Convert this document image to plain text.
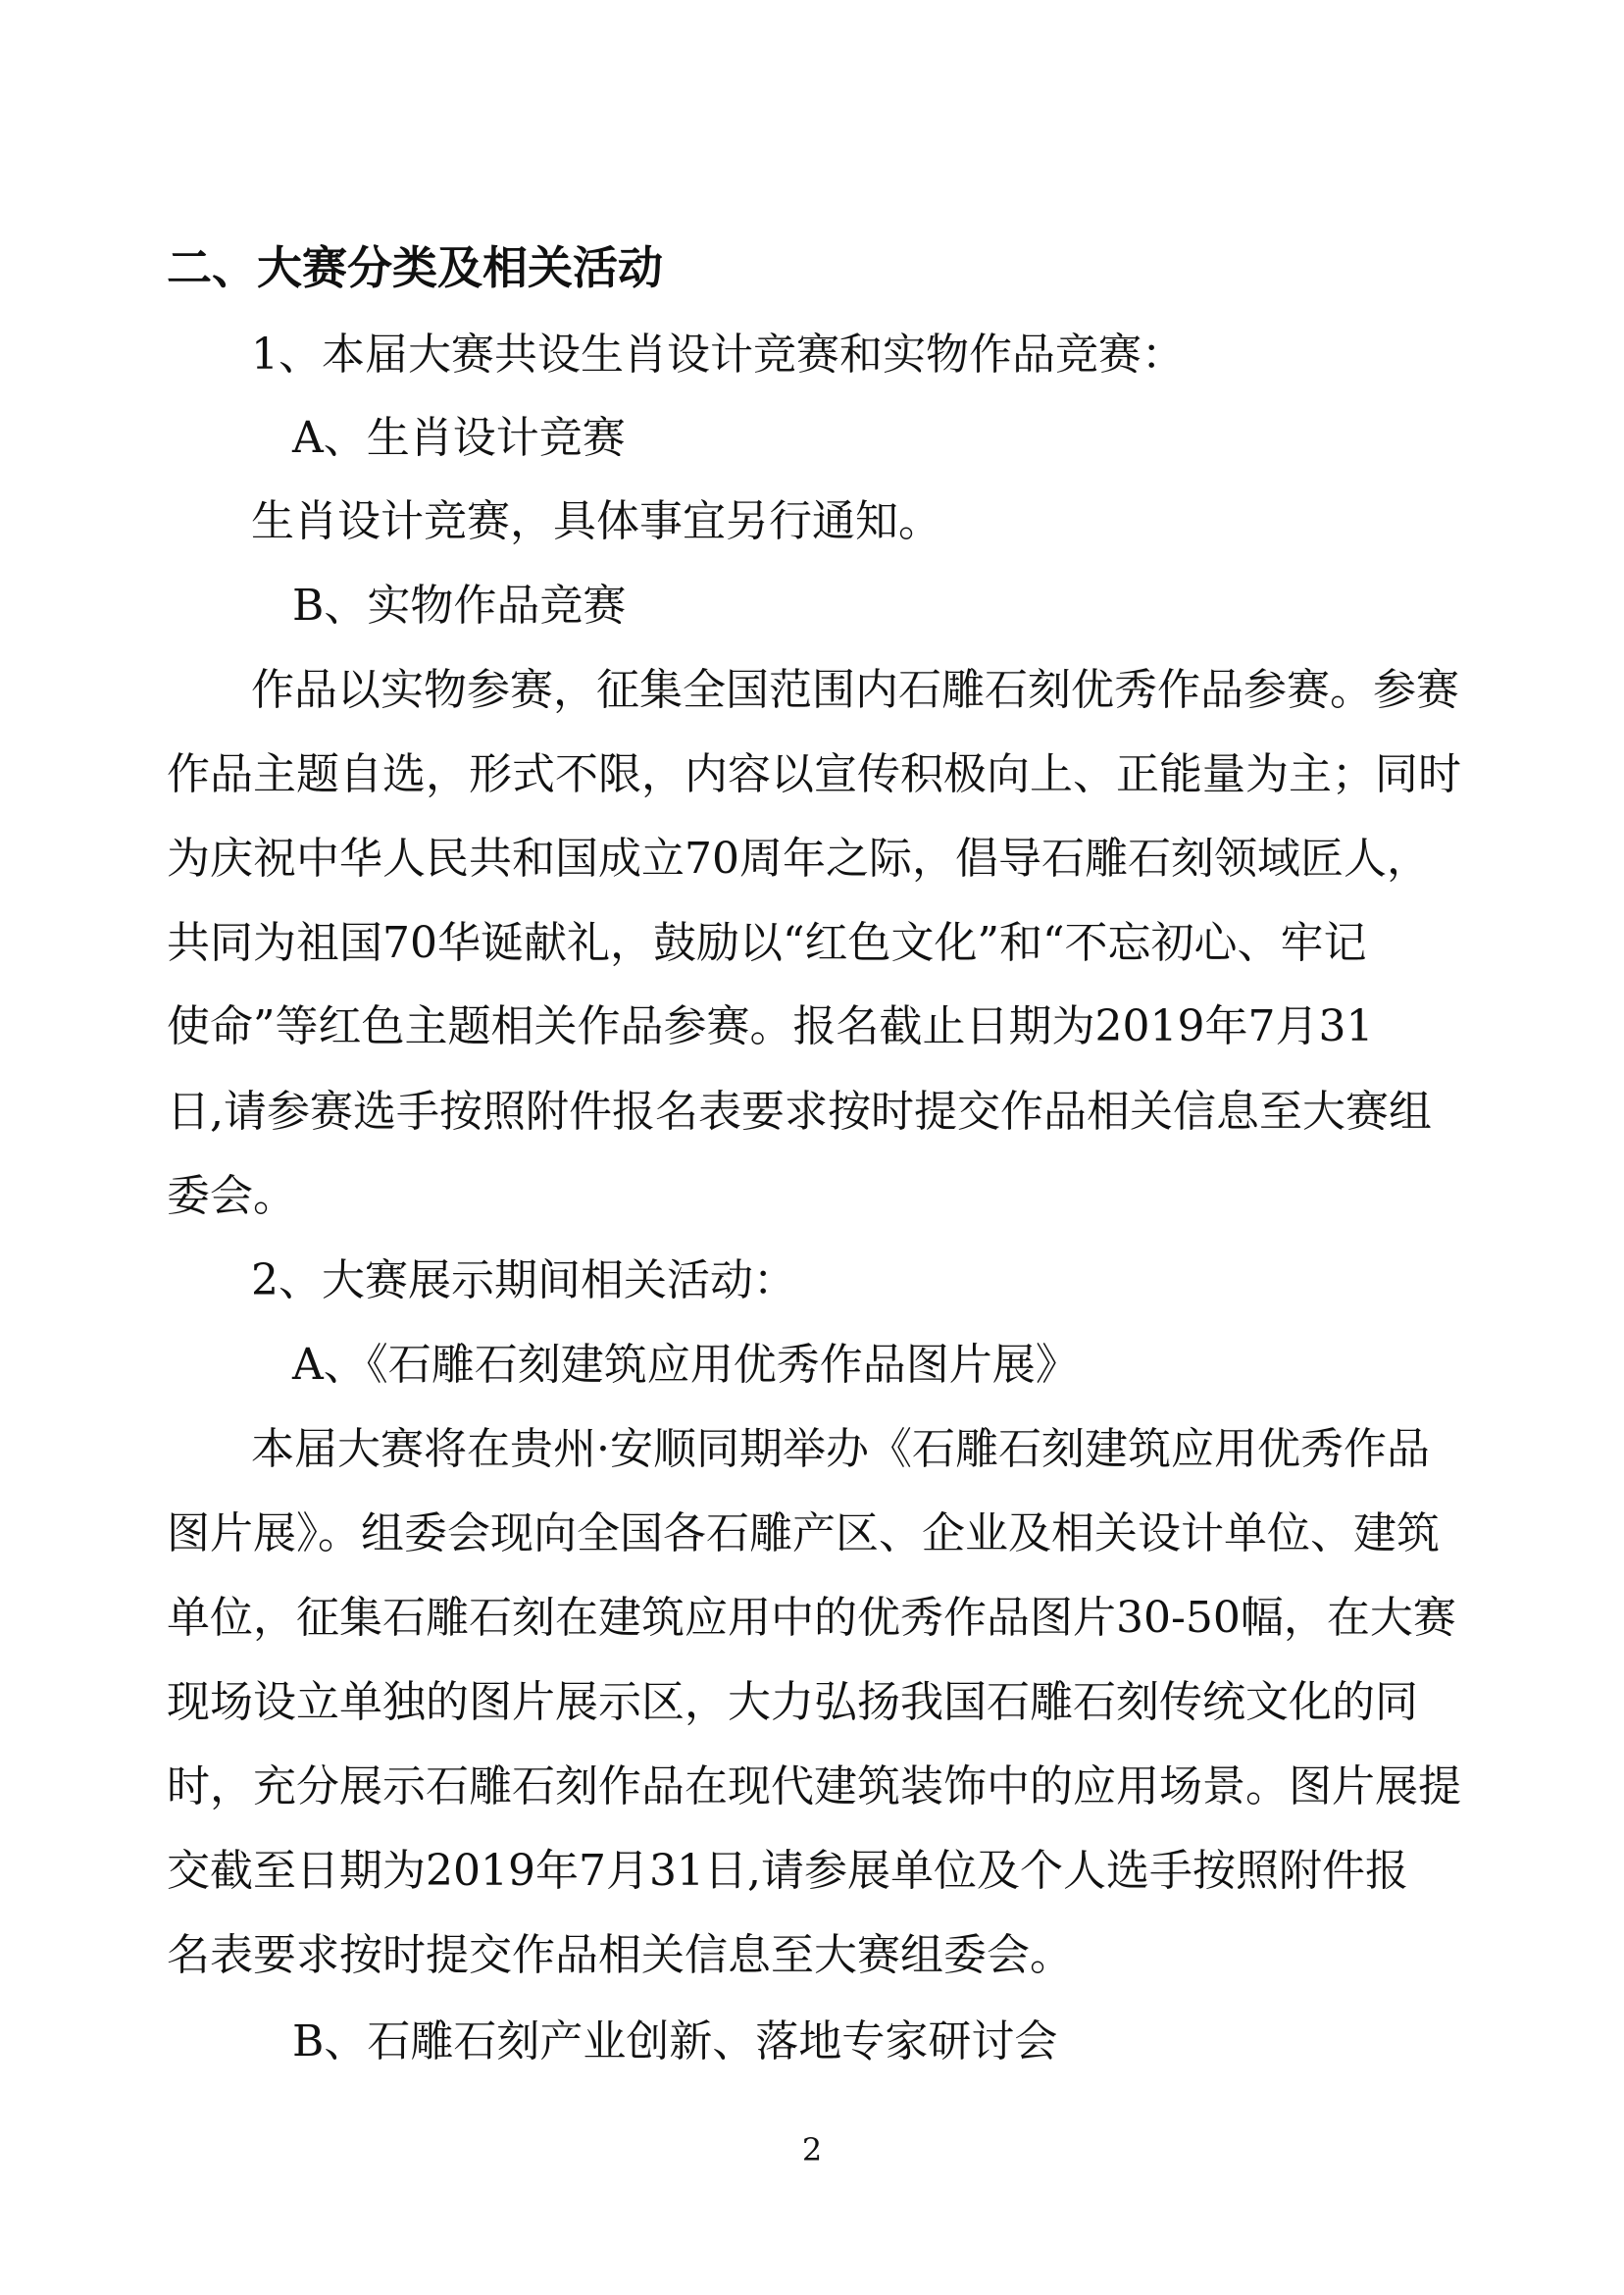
二、大赛分类及相关活动
1、本届大赛共设生肖设计竞赛和实物作品竞赛：
A、生肖设计竞赛
生肖设计竞赛，具体事宜另行通知。
B、实物作品竞赛
作品以实物参赛，征集全国范围内石雕石刻优秀作品参赛。参赛
作品主题自选，形式不限，内容以宣传积极向上、正能量为主；同时
为庆祝中华人民共和国成立70周年之际，倡导石雕石刻领域匠人，
共同为祖国70华诞献礼，鼓励以“红色文化”和“不忘初心、牢记
使命”等红色主题相关作品参赛。报名截止日期为2019年7月31
日,请参赛选手按照附件报名表要求按时提交作品相关信息至大赛组
委会。
2、大赛展示期间相关活动：
A、《石雕石刻建筑应用优秀作品图片展》
本届大赛将在贵州·安顺同期举办《石雕石刻建筑应用优秀作品
图片展》。组委会现向全国各石雕产区、企业及相关设计单位、建筑
单位，征集石雕石刻在建筑应用中的优秀作品图片30-50幅，在大赛
现场设立单独的图片展示区，大力弘扬我国石雕石刻传统文化的同
时，充分展示石雕石刻作品在现代建筑装饰中的应用场景。图片展提
交截至日期为2019年7月31日,请参展单位及个人选手按照附件报
名表要求按时提交作品相关信息至大赛组委会。
B、石雕石刻产业创新、落地专家研讨会
2
